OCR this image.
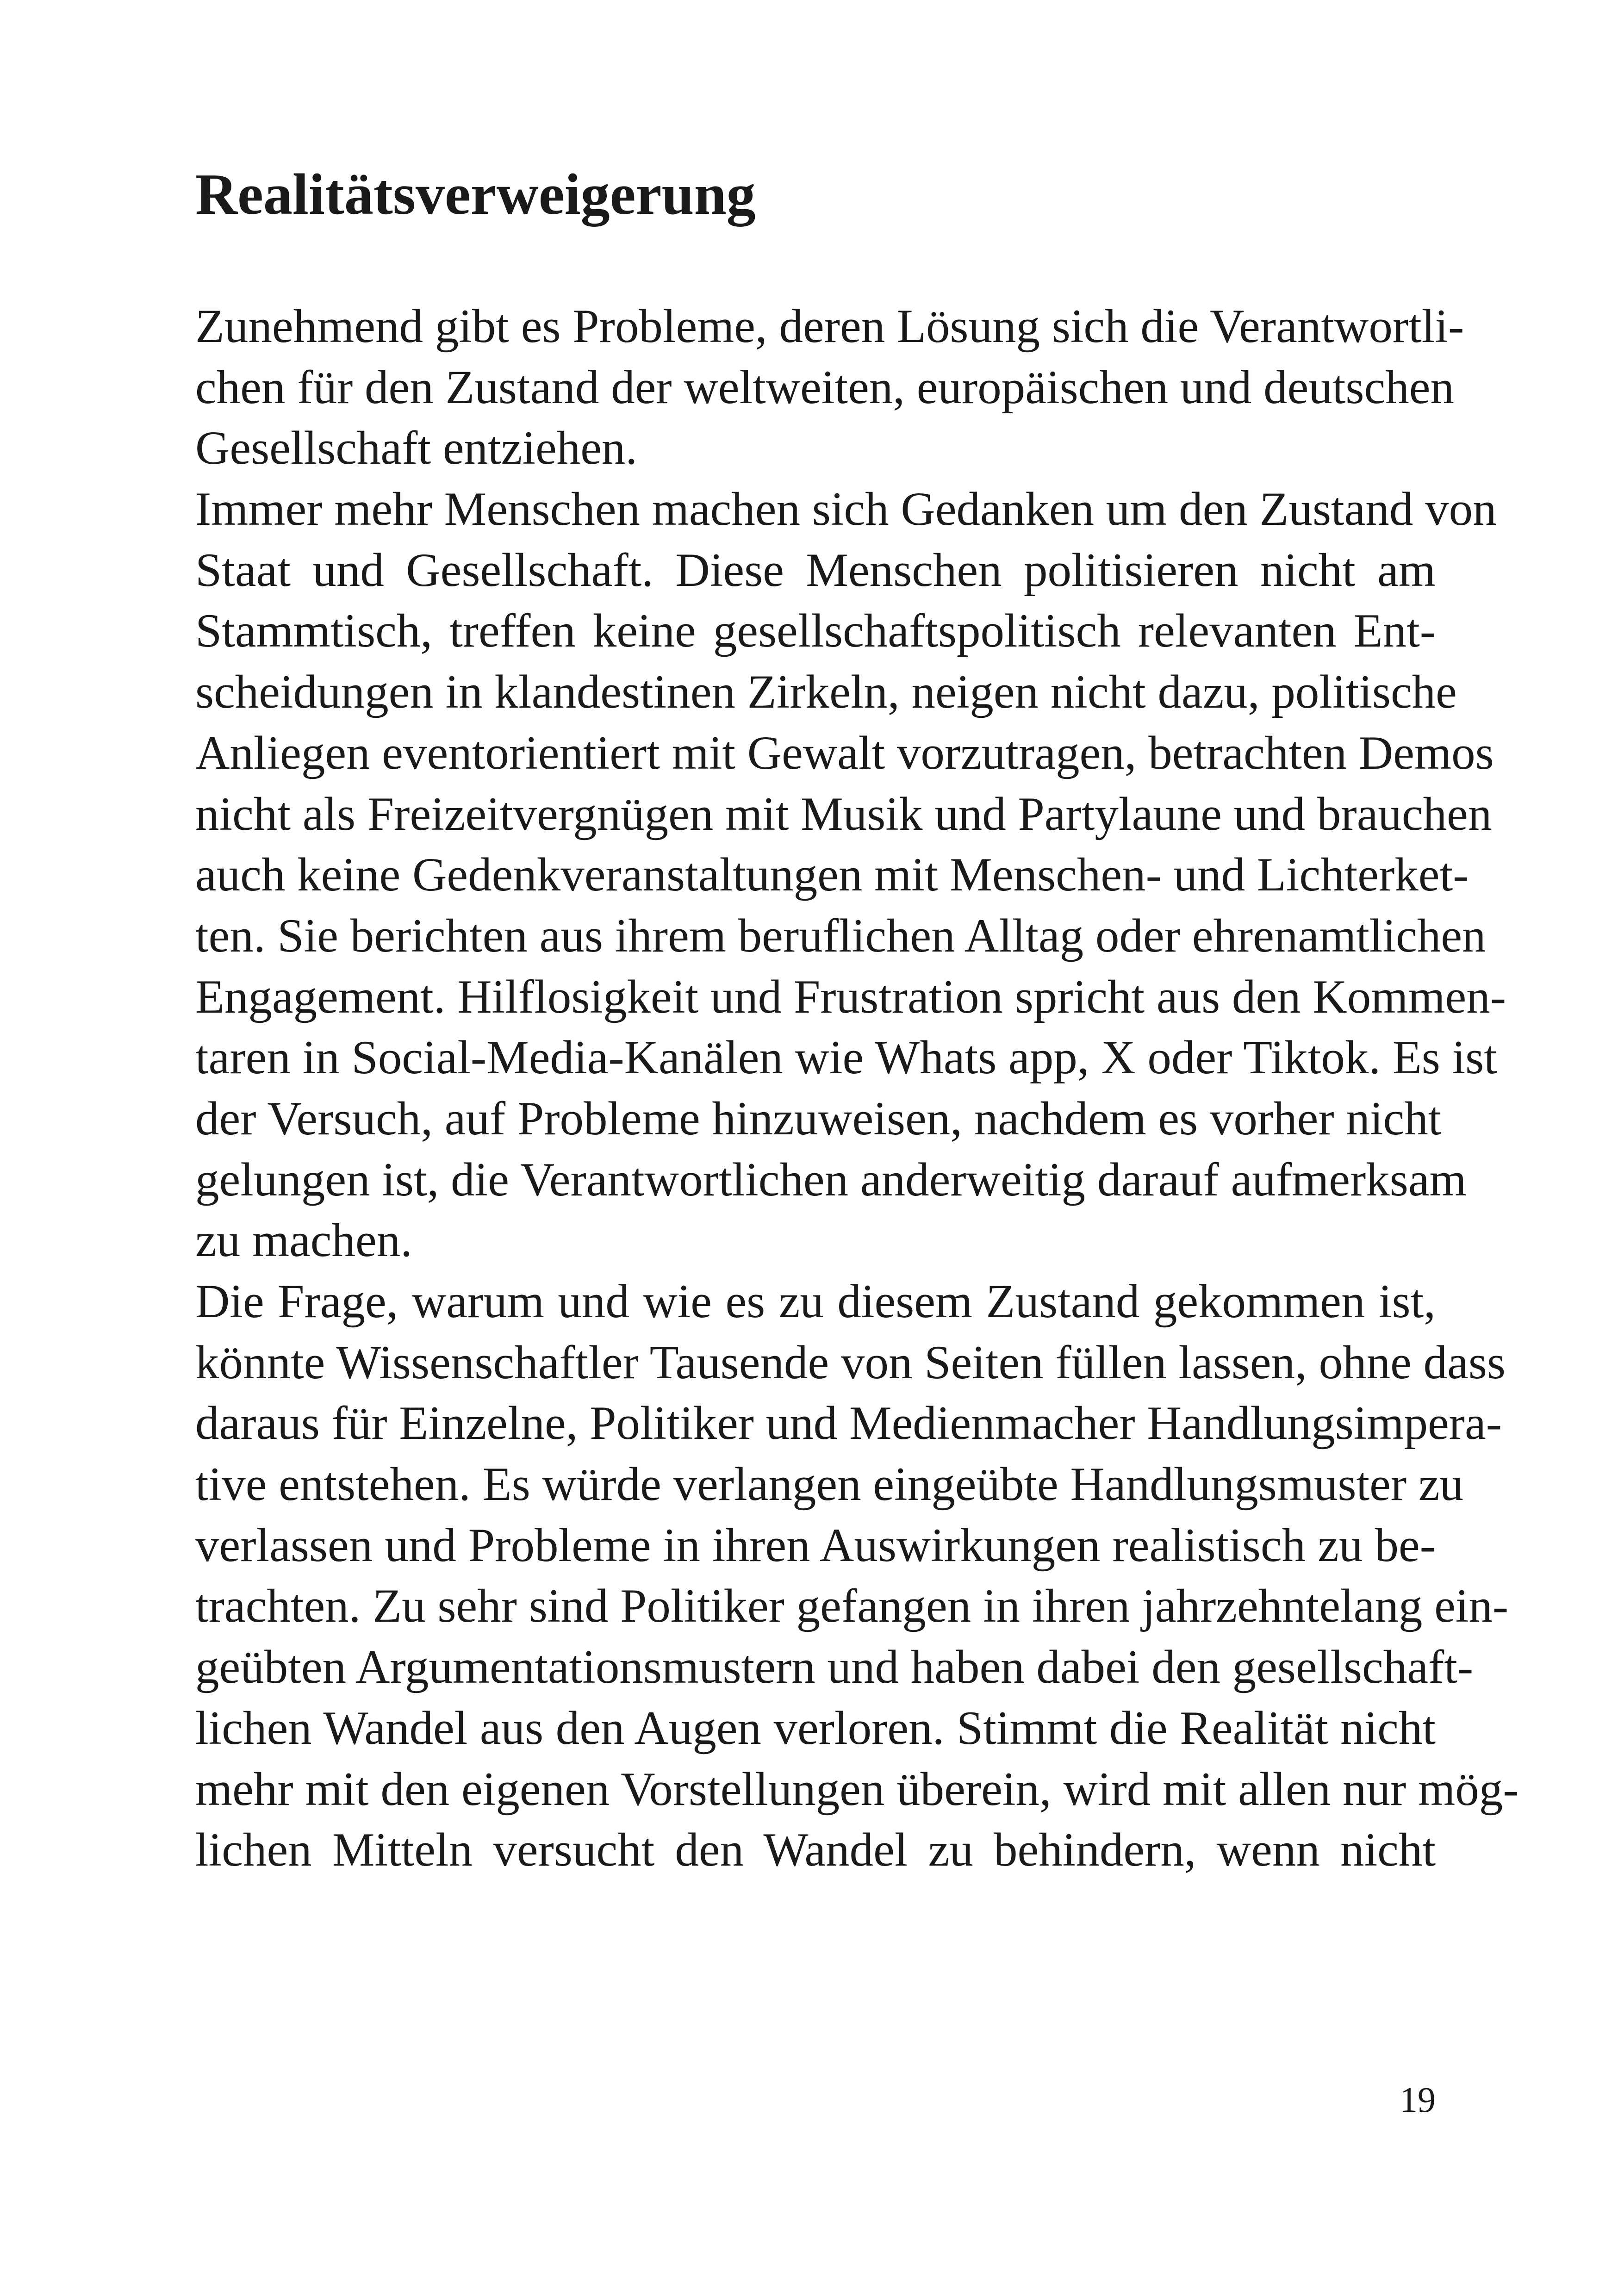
Realitätsverweigerung
Zunehmend gibt es Probleme, deren Lösung sich die Verantwortli-
chen für den Zustand der weltweiten, europäischen und deutschen
Gesellschaft entziehen.
Immer mehr Menschen machen sich Gedanken um den Zustand von
Staat und Gesellschaft. Diese Menschen politisieren nicht am
Stammtisch, treffen keine gesellschaftspolitisch relevanten Ent-
scheidungen in klandestinen Zirkeln, neigen nicht dazu, politische
Anliegen eventorientiert mit Gewalt vorzutragen, betrachten Demos
nicht als Freizeitvergnügen mit Musik und Partylaune und brauchen
auch keine Gedenkveranstaltungen mit Menschen- und Lichterket-
ten. Sie berichten aus ihrem beruflichen Alltag oder ehrenamtlichen
Engagement. Hilflosigkeit und Frustration spricht aus den Kommen-
taren in Social-Media-Kanälen wie Whats app, X oder Tiktok. Es ist
der Versuch, auf Probleme hinzuweisen, nachdem es vorher nicht
gelungen ist, die Verantwortlichen anderweitig darauf aufmerksam
zu machen.
Die Frage, warum und wie es zu diesem Zustand gekommen ist,
könnte Wissenschaftler Tausende von Seiten füllen lassen, ohne dass
daraus für Einzelne, Politiker und Medienmacher Handlungsimpera-
tive entstehen. Es würde verlangen eingeübte Handlungsmuster zu
verlassen und Probleme in ihren Auswirkungen realistisch zu be-
trachten. Zu sehr sind Politiker gefangen in ihren jahrzehntelang ein-
geübten Argumentationsmustern und haben dabei den gesellschaft-
lichen Wandel aus den Augen verloren. Stimmt die Realität nicht
mehr mit den eigenen Vorstellungen überein, wird mit allen nur mög-
lichen Mitteln versucht den Wandel zu behindern, wenn nicht
19
